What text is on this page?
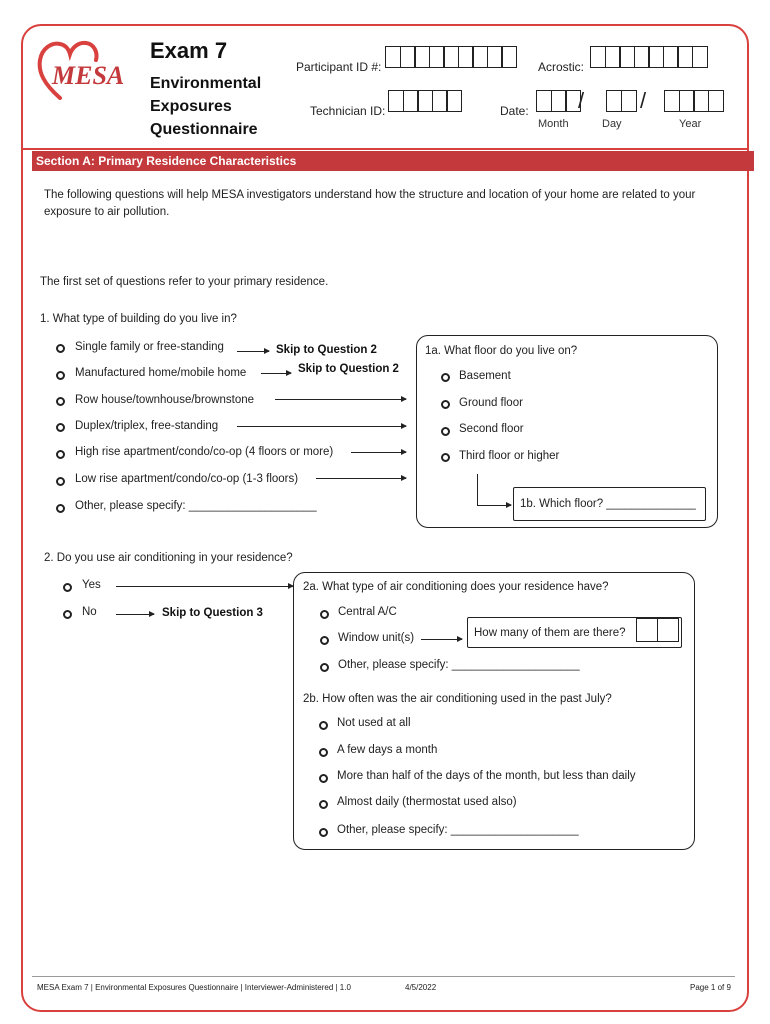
MESA
Exam 7
Environmental
Exposures
Questionnaire
Participant ID #:	Acrostic:
Technician ID:	Date: /	/
Month	Day	Year
Section A: Primary Residence Characteristics
The following questions will help MESA investigators understand how the structure and location of your home are related to your exposure to air pollution.
The first set of questions refer to your primary residence.
1. What type of building do you live in?
Single family or free-standing	Skip to Question 2
Manufactured home/mobile home	Skip to Question 2
Row house/townhouse/brownstone
Duplex/triplex, free-standing
High rise apartment/condo/co-op (4 floors or more)
Low rise apartment/condo/co-op (1-3 floors)
Other, please specify: ____________________
1a. What floor do you live on?
Basement
Ground floor
Second floor
Third floor or higher
1b. Which floor? ______________
2. Do you use air conditioning in your residence?
Yes
No	Skip to Question 3
2a. What type of air conditioning does your residence have?
Central A/C
Window unit(s)	How many of them are there?
Other, please specify: ____________________
2b. How often was the air conditioning used in the past July?
Not used at all
A few days a month
More than half of the days of the month, but less than daily
Almost daily (thermostat used also)
Other, please specify: ____________________
MESA Exam 7 | Environmental Exposures Questionnaire | Interviewer-Administered | 1.0	4/5/2022	Page 1 of 9
